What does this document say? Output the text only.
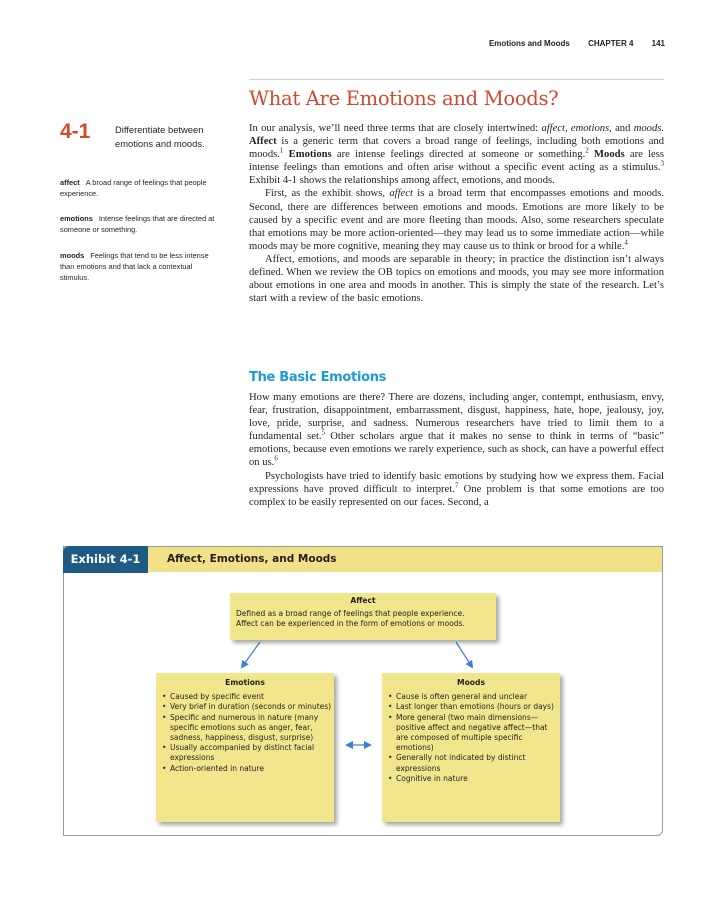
Emotions and Moods CHAPTER 4 141
What Are Emotions and Moods?
4-1	Differentiate between emotions and moods.
affect A broad range of feelings that people experience.
emotions Intense feelings that are directed at someone or something.
moods Feelings that tend to be less intense than emotions and that lack a contextual stimulus.

In our analysis, we’ll need three terms that are closely intertwined: affect, emotions, and moods. Affect is a generic term that covers a broad range of feelings, including both emotions and moods.$^1$ Emotions are intense feelings directed at someone or something.$^2$ Moods are less intense feelings than emotions and often arise without a specific event acting as a stimulus.$^3$ Exhibit 4-1 shows the relationships among affect, emotions, and moods.

First, as the exhibit shows, affect is a broad term that encompasses emotions and moods. Second, there are differences between emotions and moods. Emotions are more likely to be caused by a specific event and are more fleeting than moods. Also, some researchers speculate that emotions may be more action-oriented—they may lead us to some immediate action—while moods may be more cognitive, meaning they may cause us to think or brood for a while.$^4$

Affect, emotions, and moods are separable in theory; in practice the distinction isn’t always defined. When we review the OB topics on emotions and moods, you may see more information about emotions in one area and moods in another. This is simply the state of the research. Let’s start with a review of the basic emotions.

The Basic Emotions

How many emotions are there? There are dozens, including anger, contempt, enthusiasm, envy, fear, frustration, disappointment, embarrassment, disgust, happiness, hate, hope, jealousy, joy, love, pride, surprise, and sadness. Numerous researchers have tried to limit them to a fundamental set.$^5$ Other scholars argue that it makes no sense to think in terms of “basic” emotions, because even emotions we rarely experience, such as shock, can have a powerful effect on us.$^6$

Psychologists have tried to identify basic emotions by studying how we express them. Facial expressions have proved difficult to interpret.$^7$ One problem is that some emotions are too complex to be easily represented on our faces. Second, a

Exhibit 4-1	Affect, Emotions, and Moods
Affect

Defined as a broad range of feelings that people experience.
Affect can be experienced in the form of emotions or moods.

Emotions
• Caused by specific event
• Very brief in duration (seconds or minutes)
• Specific and numerous in nature (many specific emotions such as anger, fear, sadness, happiness, disgust, surprise)
• Usually accompanied by distinct facial expressions
• Action-oriented in nature
Moods
• Cause is often general and unclear
• Last longer than emotions (hours or days)
• More general (two main dimensions—positive affect and negative affect—that are composed of multiple specific emotions)
• Generally not indicated by distinct expressions
• Cognitive in nature
